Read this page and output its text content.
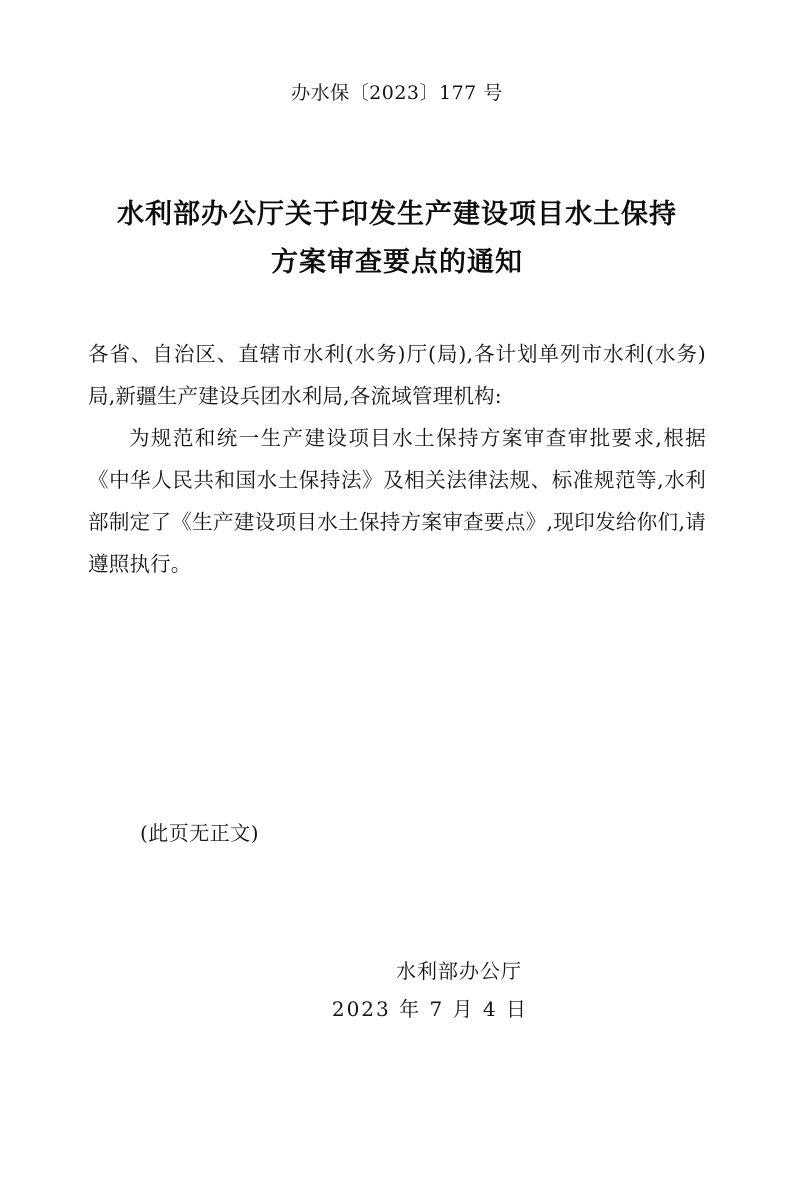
办水保〔2023〕177 号
水利部办公厅关于印发生产建设项目水土保持
方案审查要点的通知

各省、自治区、直辖市水利(水务)厅(局),各计划单列市水利(水务)局,新疆生产建设兵团水利局,各流域管理机构:

为规范和统一生产建设项目水土保持方案审查审批要求,根据《中华人民共和国水土保持法》及相关法律法规、标准规范等,水利部制定了《生产建设项目水土保持方案审查要点》,现印发给你们,请遵照执行。

(此页无正文)
水利部办公厅
2023 年 7 月 4 日
